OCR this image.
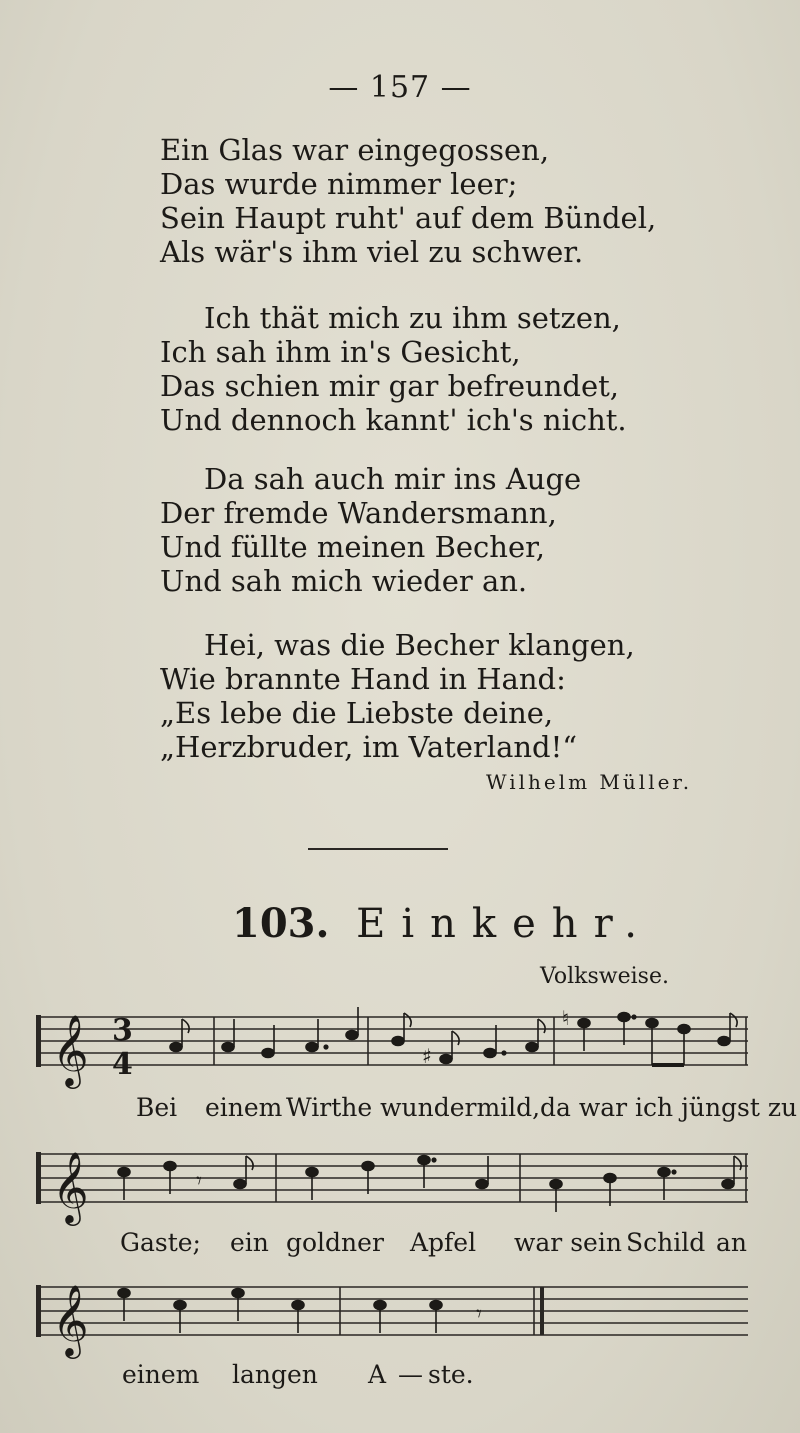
— 157 —
Ein Glas war eingegossen,
Das wurde nimmer leer;
Sein Haupt ruht' auf dem Bündel,
Als wär's ihm viel zu schwer.
Ich thät mich zu ihm setzen,
Ich sah ihm in's Gesicht,
Das schien mir gar befreundet,
Und dennoch kannt' ich's nicht.
Da sah auch mir ins Auge
Der fremde Wandersmann,
Und füllte meinen Becher,
Und sah mich wieder an.
Hei, was die Becher klangen,
Wie brannte Hand in Hand:
„Es lebe die Liebste deine,
„Herzbruder, im Vaterland!“
Wilhelm Müller.
103. Einkehr.
Volksweise.
𝄞 3
4	♯
♮
Bei einem Wirthe wundermild, da war ich jüngst zu
𝄞	𝄾
Gaste; ein goldner Apfel war sein Schild an
𝄞	𝄾
einem langen A — ste.
